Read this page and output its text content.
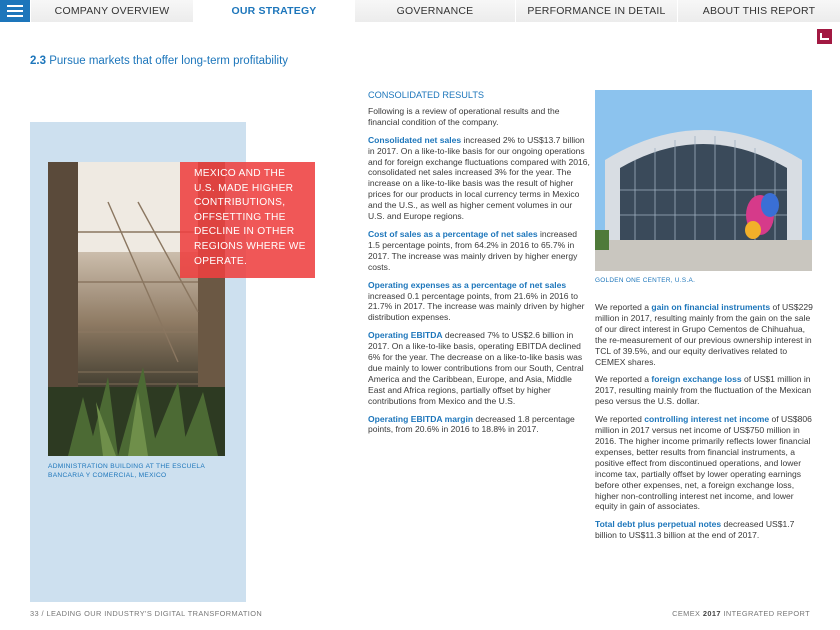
COMPANY OVERVIEW	OUR STRATEGY	GOVERNANCE	PERFORMANCE IN DETAIL	ABOUT THIS REPORT
2.3 Pursue markets that offer long-term profitability
MEXICO AND THE U.S. MADE HIGHER CONTRIBUTIONS, OFFSETTING THE DECLINE IN OTHER REGIONS WHERE WE OPERATE.
ADMINISTRATION BUILDING AT THE ESCUELA BANCARIA Y COMERCIAL, MEXICO
CONSOLIDATED RESULTS

Following is a review of operational results and the financial condition of the company.

Consolidated net sales increased 2% to US$13.7 billion in 2017. On a like-to-like basis for our ongoing operations and for foreign exchange fluctuations compared with 2016, consolidated net sales increased 3% for the year. The increase on a like-to-like basis was the result of higher prices for our products in local currency terms in Mexico and the U.S., as well as higher cement volumes in our U.S. and Europe regions.

Cost of sales as a percentage of net sales increased 1.5 percentage points, from 64.2% in 2016 to 65.7% in 2017. The increase was mainly driven by higher energy costs.

Operating expenses as a percentage of net sales increased 0.1 percentage points, from 21.6% in 2016 to 21.7% in 2017. The increase was mainly driven by higher distribution expenses.

Operating EBITDA decreased 7% to US$2.6 billion in 2017. On a like-to-like basis, operating EBITDA declined 6% for the year. The decrease on a like-to-like basis was due mainly to lower contributions from our South, Central America and the Caribbean, Europe, and Asia, Middle East and Africa regions, partially offset by higher contributions from Mexico and the U.S.

Operating EBITDA margin decreased 1.8 percentage points, from 20.6% in 2016 to 18.8% in 2017.

GOLDEN ONE CENTER, U.S.A.

We reported a gain on financial instruments of US$229 million in 2017, resulting mainly from the gain on the sale of our direct interest in Grupo Cementos de Chihuahua, the re-measurement of our previous ownership interest in TCL of 39.5%, and our equity derivatives related to CEMEX shares.

We reported a foreign exchange loss of US$1 million in 2017, resulting mainly from the fluctuation of the Mexican peso versus the U.S. dollar.

We reported controlling interest net income of US$806 million in 2017 versus net income of US$750 million in 2016. The higher income primarily reflects lower financial expenses, better results from financial instruments, a positive effect from discontinued operations, and lower income tax, partially offset by lower operating earnings before other expenses, net, a foreign exchange loss, higher non-controlling interest net income, and lower equity in gain of associates.

Total debt plus perpetual notes decreased US$1.7 billion to US$11.3 billion at the end of 2017.

33 / LEADING OUR INDUSTRY'S DIGITAL TRANSFORMATION	CEMEX 2017 INTEGRATED REPORT
